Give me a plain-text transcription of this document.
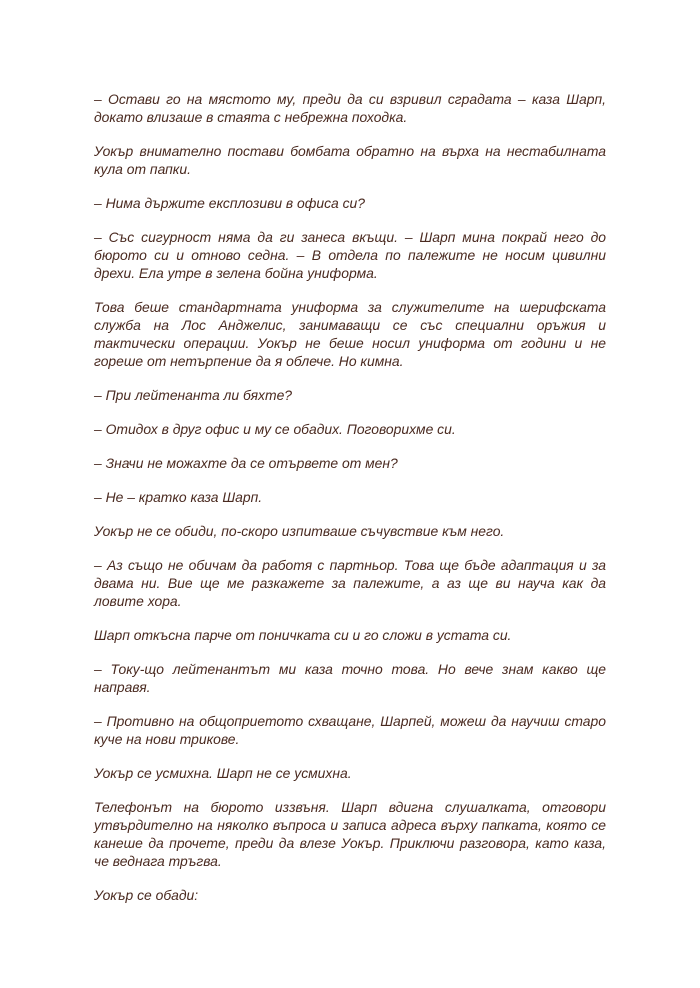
– Остави го на мястото му, преди да си взривил сградата – каза Шарп, докато влизаше в стаята с небрежна походка.

Уокър внимателно постави бомбата обратно на върха на нестабилната кула от папки.

– Нима държите експлозиви в офиса си?

– Със сигурност няма да ги занеса вкъщи. – Шарп мина покрай него до бюрото си и отново седна. – В отдела по палежите не носим цивилни дрехи. Ела утре в зелена бойна униформа.

Това беше стандартната униформа за служителите на шерифската служба на Лос Анджелис, занимаващи се със специални оръжия и тактически операции. Уокър не беше носил униформа от години и не гореше от нетърпение да я облече. Но кимна.

– При лейтенанта ли бяхте?

– Отидох в друг офис и му се обадих. Поговорихме си.

– Значи не можахте да се отървете от мен?

– Не – кратко каза Шарп.

Уокър не се обиди, по-скоро изпитваше съчувствие към него.

– Аз също не обичам да работя с партньор. Това ще бъде адаптация и за двама ни. Вие ще ме разкажете за палежите, а аз ще ви науча как да ловите хора.

Шарп откъсна парче от поничката си и го сложи в устата си.

– Току-що лейтенантът ми каза точно това. Но вече знам какво ще направя.

– Противно на общоприетото схващане, Шарпей, можеш да научиш старо куче на нови трикове.

Уокър се усмихна. Шарп не се усмихна.

Телефонът на бюрото иззвъня. Шарп вдигна слушалката, отговори утвърдително на няколко въпроса и записа адреса върху папката, която се канеше да прочете, преди да влезе Уокър. Приключи разговора, като каза, че веднага тръгва.

Уокър се обади:
